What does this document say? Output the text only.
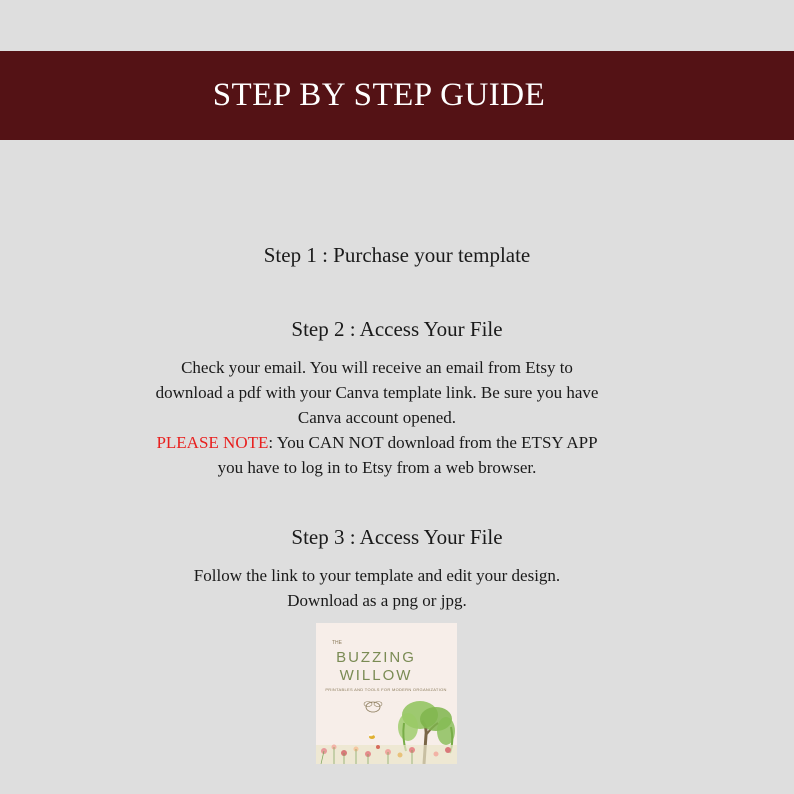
STEP BY STEP GUIDE
Step 1 : Purchase your template
Step 2 : Access Your File
Check your email. You will receive an email from Etsy to
download a pdf with your Canva template link. Be sure you have
Canva account opened.
PLEASE NOTE: You CAN NOT download from the ETSY APP
you have to log in to Etsy from a web browser.
Step 3 : Access Your File
Follow the link to your template and edit your design.
Download as a png or jpg.
THE
BUZZING
WILLOW
PRINTABLES AND TOOLS FOR MODERN ORGANIZATION
